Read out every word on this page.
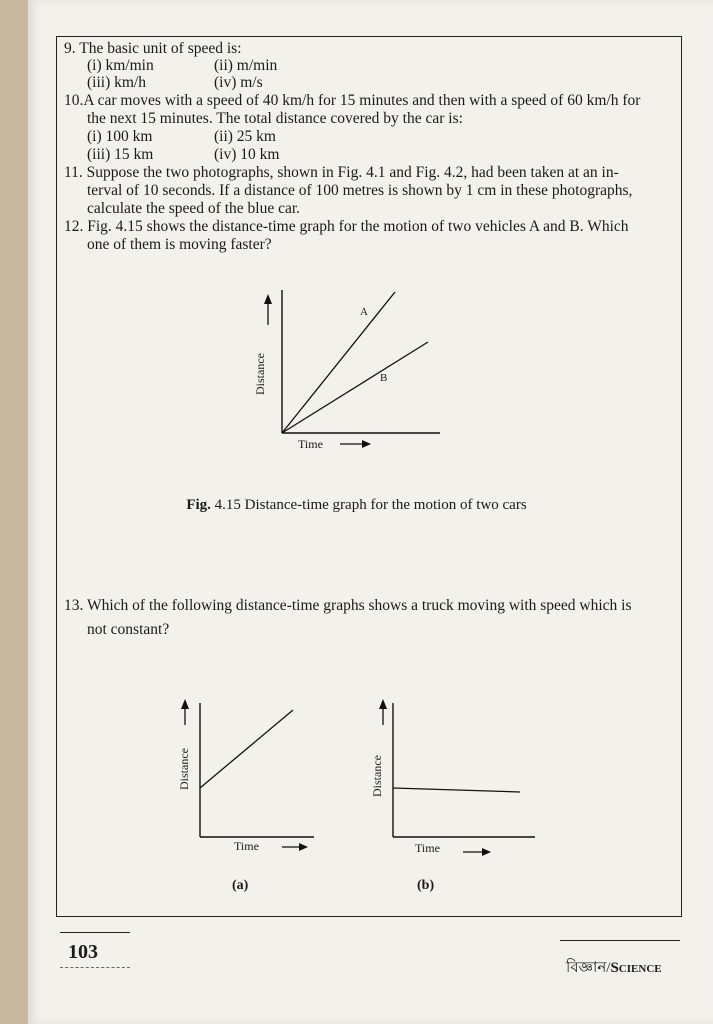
9. The basic unit of speed is:
(i) km/min	(ii) m/min
(iii) km/h	(iv) m/s
10.A car moves with a speed of 40 km/h for 15 minutes and then with a speed of 60 km/h for
the next 15 minutes. The total distance covered by the car is:
(i) 100 km	(ii) 25 km
(iii) 15 km	(iv) 10 km
11. Suppose the two photographs, shown in Fig. 4.1 and Fig. 4.2, had been taken at an in-
terval of 10 seconds. If a distance of 100 metres is shown by 1 cm in these photographs,
calculate the speed of the blue car.
12. Fig. 4.15 shows the distance-time graph for the motion of two vehicles A and B. Which
one of them is moving faster?
Distance
Time
A
B
Fig. 4.15 Distance-time graph for the motion of two cars
13. Which of the following distance-time graphs shows a truck moving with speed which is
not constant?
Distance
Time
(a)
Distance
Time
(b)
103
বিজ্ঞান/Science
